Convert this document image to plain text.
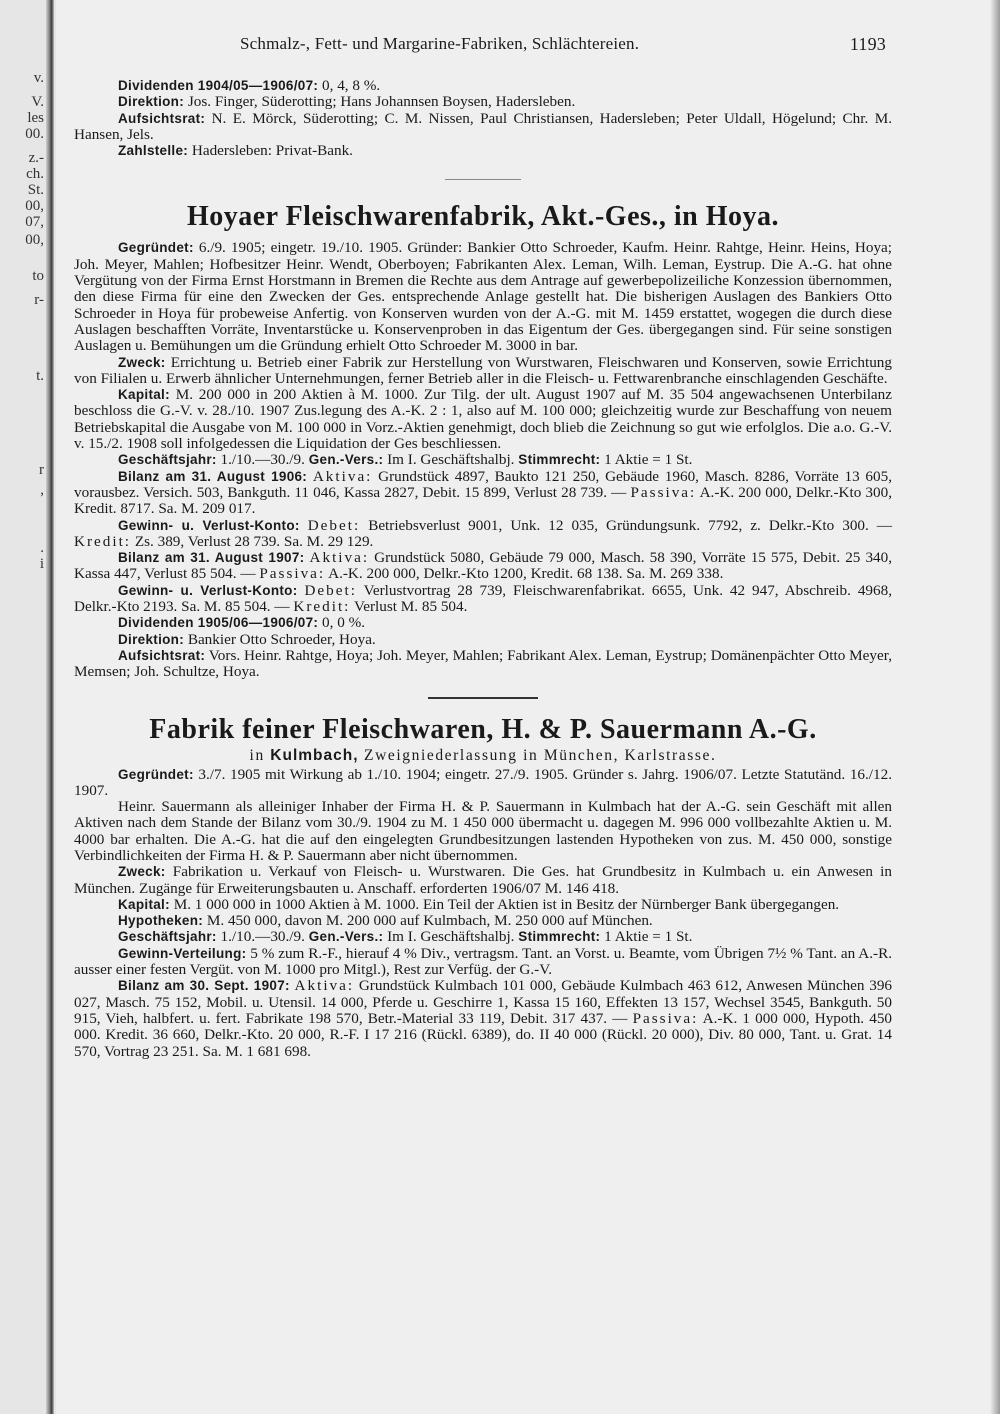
v.
V.
les
00.
z.-
ch.
St.
00,
07,
00,
to
r-
t.
r
,
.
i
Schmalz-, Fett- und Margarine-Fabriken, Schlächtereien.	1193

Dividenden 1904/05—1906/07: 0, 4, 8 %.

Direktion: Jos. Finger, Süderotting; Hans Johannsen Boysen, Hadersleben.

Aufsichtsrat: N. E. Mörck, Süderotting; C. M. Nissen, Paul Christiansen, Hadersleben; Peter Uldall, Högelund; Chr. M. Hansen, Jels.

Zahlstelle: Hadersleben: Privat-Bank.

Hoyaer Fleischwarenfabrik, Akt.-Ges., in Hoya.

Gegründet: 6./9. 1905; eingetr. 19./10. 1905. Gründer: Bankier Otto Schroeder, Kaufm. Heinr. Rahtge, Heinr. Heins, Hoya; Joh. Meyer, Mahlen; Hofbesitzer Heinr. Wendt, Oberboyen; Fabrikanten Alex. Leman, Wilh. Leman, Eystrup. Die A.-G. hat ohne Vergütung von der Firma Ernst Horstmann in Bremen die Rechte aus dem Antrage auf gewerbepolizeiliche Konzession übernommen, den diese Firma für eine den Zwecken der Ges. entsprechende Anlage gestellt hat. Die bisherigen Auslagen des Bankiers Otto Schroeder in Hoya für probeweise Anfertig. von Konserven wurden von der A.-G. mit M. 1459 erstattet, wogegen die durch diese Auslagen beschafften Vorräte, Inventarstücke u. Konservenproben in das Eigentum der Ges. übergegangen sind. Für seine sonstigen Auslagen u. Bemühungen um die Gründung erhielt Otto Schroeder M. 3000 in bar.

Zweck: Errichtung u. Betrieb einer Fabrik zur Herstellung von Wurstwaren, Fleischwaren und Konserven, sowie Errichtung von Filialen u. Erwerb ähnlicher Unternehmungen, ferner Betrieb aller in die Fleisch- u. Fettwarenbranche einschlagenden Geschäfte.

Kapital: M. 200 000 in 200 Aktien à M. 1000. Zur Tilg. der ult. August 1907 auf M. 35 504 angewachsenen Unterbilanz beschloss die G.-V. v. 28./10. 1907 Zus.legung des A.-K. 2 : 1, also auf M. 100 000; gleichzeitig wurde zur Beschaffung von neuem Betriebskapital die Ausgabe von M. 100 000 in Vorz.-Aktien genehmigt, doch blieb die Zeichnung so gut wie erfolglos. Die a.o. G.-V. v. 15./2. 1908 soll infolgedessen die Liquidation der Ges beschliessen.

Geschäftsjahr: 1./10.—30./9. Gen.-Vers.: Im I. Geschäftshalbj. Stimmrecht: 1 Aktie = 1 St.

Bilanz am 31. August 1906: Aktiva: Grundstück 4897, Baukto 121 250, Gebäude 1960, Masch. 8286, Vorräte 13 605, vorausbez. Versich. 503, Bankguth. 11 046, Kassa 2827, Debit. 15 899, Verlust 28 739. — Passiva: A.-K. 200 000, Delkr.-Kto 300, Kredit. 8717. Sa. M. 209 017.

Gewinn- u. Verlust-Konto: Debet: Betriebsverlust 9001, Unk. 12 035, Gründungsunk. 7792, z. Delkr.-Kto 300. — Kredit: Zs. 389, Verlust 28 739. Sa. M. 29 129.

Bilanz am 31. August 1907: Aktiva: Grundstück 5080, Gebäude 79 000, Masch. 58 390, Vorräte 15 575, Debit. 25 340, Kassa 447, Verlust 85 504. — Passiva: A.-K. 200 000, Delkr.-Kto 1200, Kredit. 68 138. Sa. M. 269 338.

Gewinn- u. Verlust-Konto: Debet: Verlustvortrag 28 739, Fleischwarenfabrikat. 6655, Unk. 42 947, Abschreib. 4968, Delkr.-Kto 2193. Sa. M. 85 504. — Kredit: Verlust M. 85 504.

Dividenden 1905/06—1906/07: 0, 0 %.

Direktion: Bankier Otto Schroeder, Hoya.

Aufsichtsrat: Vors. Heinr. Rahtge, Hoya; Joh. Meyer, Mahlen; Fabrikant Alex. Leman, Eystrup; Domänenpächter Otto Meyer, Memsen; Joh. Schultze, Hoya.

Fabrik feiner Fleischwaren, H. & P. Sauermann A.-G.

in Kulmbach, Zweigniederlassung in München, Karlstrasse.

Gegründet: 3./7. 1905 mit Wirkung ab 1./10. 1904; eingetr. 27./9. 1905. Gründer s. Jahrg. 1906/07. Letzte Statutänd. 16./12. 1907.

Heinr. Sauermann als alleiniger Inhaber der Firma H. & P. Sauermann in Kulmbach hat der A.-G. sein Geschäft mit allen Aktiven nach dem Stande der Bilanz vom 30./9. 1904 zu M. 1 450 000 übermacht u. dagegen M. 996 000 vollbezahlte Aktien u. M. 4000 bar erhalten. Die A.-G. hat die auf den eingelegten Grundbesitzungen lastenden Hypotheken von zus. M. 450 000, sonstige Verbindlichkeiten der Firma H. & P. Sauermann aber nicht übernommen.

Zweck: Fabrikation u. Verkauf von Fleisch- u. Wurstwaren. Die Ges. hat Grundbesitz in Kulmbach u. ein Anwesen in München. Zugänge für Erweiterungsbauten u. Anschaff. erforderten 1906/07 M. 146 418.

Kapital: M. 1 000 000 in 1000 Aktien à M. 1000. Ein Teil der Aktien ist in Besitz der Nürnberger Bank übergegangen.

Hypotheken: M. 450 000, davon M. 200 000 auf Kulmbach, M. 250 000 auf München.

Geschäftsjahr: 1./10.—30./9. Gen.-Vers.: Im I. Geschäftshalbj. Stimmrecht: 1 Aktie = 1 St.

Gewinn-Verteilung: 5 % zum R.-F., hierauf 4 % Div., vertragsm. Tant. an Vorst. u. Beamte, vom Übrigen 7½ % Tant. an A.-R. ausser einer festen Vergüt. von M. 1000 pro Mitgl.), Rest zur Verfüg. der G.-V.

Bilanz am 30. Sept. 1907: Aktiva: Grundstück Kulmbach 101 000, Gebäude Kulmbach 463 612, Anwesen München 396 027, Masch. 75 152, Mobil. u. Utensil. 14 000, Pferde u. Geschirre 1, Kassa 15 160, Effekten 13 157, Wechsel 3545, Bankguth. 50 915, Vieh, halbfert. u. fert. Fabrikate 198 570, Betr.-Material 33 119, Debit. 317 437. — Passiva: A.-K. 1 000 000, Hypoth. 450 000. Kredit. 36 660, Delkr.-Kto. 20 000, R.-F. I 17 216 (Rückl. 6389), do. II 40 000 (Rückl. 20 000), Div. 80 000, Tant. u. Grat. 14 570, Vortrag 23 251. Sa. M. 1 681 698.
